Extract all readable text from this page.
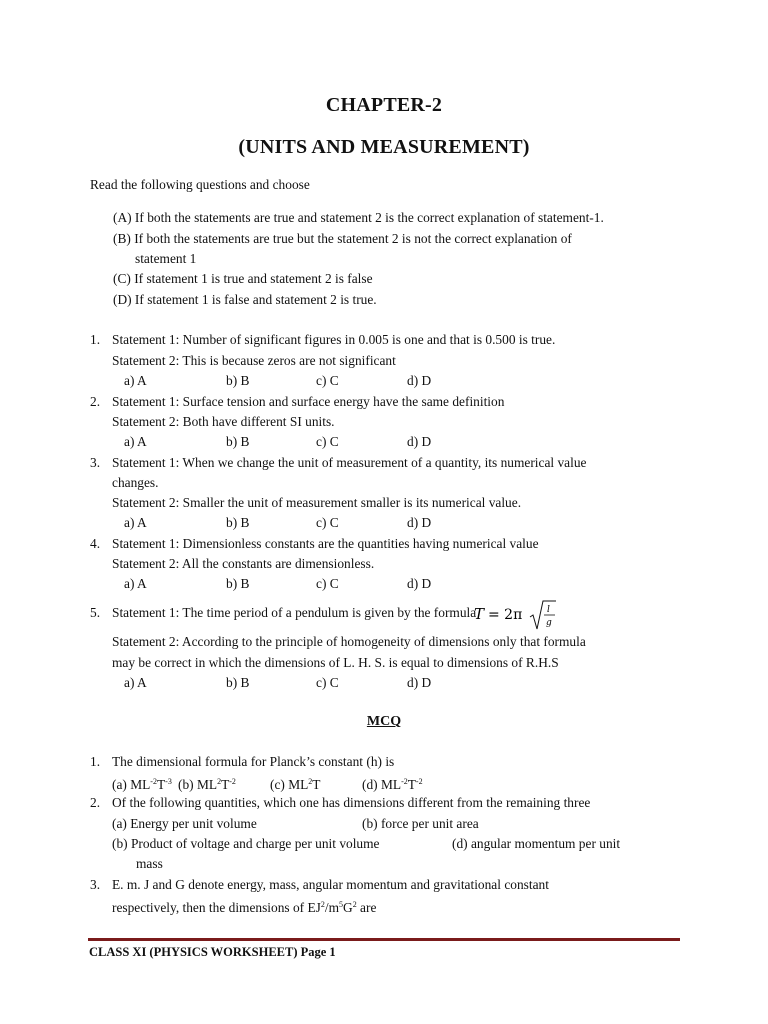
CHAPTER-2
(UNITS AND MEASUREMENT)
Read the following questions and choose
(A) If both the statements are true and statement 2 is the correct explanation of statement-1.
(B) If both the statements are true but the statement 2 is not the correct explanation of
statement 1
(C) If statement 1 is true and statement 2 is false
(D) If statement 1 is false and statement 2 is true.
1. Statement 1: Number of significant figures in 0.005 is one and that is 0.500 is true.
Statement 2: This is because zeros are not significant
a) A	b) B	c) C	d) D
2. Statement 1: Surface tension and surface energy have the same definition
Statement 2: Both have different SI units.
a) A	b) B	c) C	d) D
3. Statement 1: When we change the unit of measurement of a quantity, its numerical value
changes.
Statement 2: Smaller the unit of measurement smaller is its numerical value.
a) A	b) B	c) C	d) D
4. Statement 1: Dimensionless constants are the quantities having numerical value
Statement 2: All the constants are dimensionless.
a) A	b) B	c) C	d) D
5. Statement 1: The time period of a pendulum is given by the formula
T = 2π	l
g
Statement 2: According to the principle of homogeneity of dimensions only that formula
may be correct in which the dimensions of L. H. S. is equal to dimensions of R.H.S
a) A	b) B	c) C	d) D
MCQ
1. The dimensional formula for Planck’s constant (h) is
(a) $ML^{-2}T^{-3}$ (b) $ML^2T^{-2}$	(c) $ML^2T$	(d) $ML^{-2}T^{-2}$
2. Of the following quantities, which one has dimensions different from the remaining three
(a) Energy per unit volume	(b) force per unit area
(b) Product of voltage and charge per unit volume	(d) angular momentum per unit
mass
3. E. m. J and G denote energy, mass, angular momentum and gravitational constant
respectively, then the dimensions of $EJ^2/m^5G^2$ are
CLASS XI (PHYSICS WORKSHEET) Page 1
